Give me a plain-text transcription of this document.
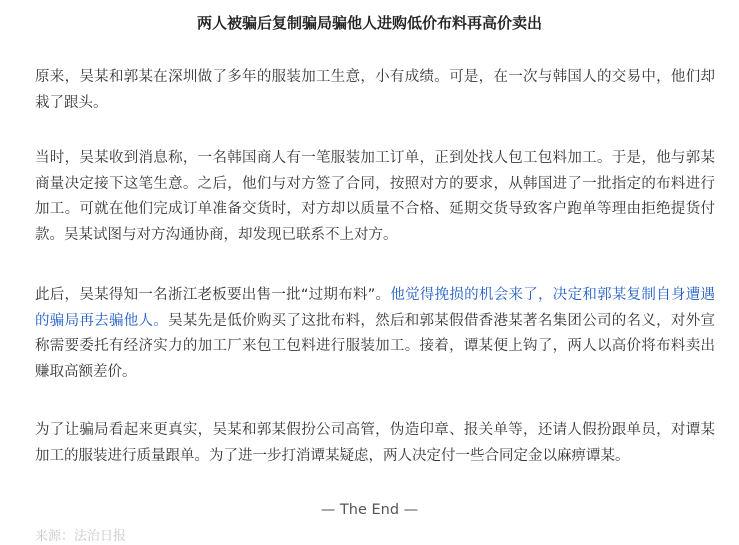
两人被骗后复制骗局骗他人进购低价布料再高价卖出

原来，吴某和郭某在深圳做了多年的服装加工生意，小有成绩。可是，在一次与韩国人的交易中，他们却栽了跟头。

当时，吴某收到消息称，一名韩国商人有一笔服装加工订单，正到处找人包工包料加工。于是，他与郭某商量决定接下这笔生意。之后，他们与对方签了合同，按照对方的要求，从韩国进了一批指定的布料进行加工。可就在他们完成订单准备交货时，对方却以质量不合格、延期交货导致客户跑单等理由拒绝提货付款。吴某试图与对方沟通协商，却发现已联系不上对方。

此后，吴某得知一名浙江老板要出售一批“过期布料”。他觉得挽损的机会来了，决定和郭某复制自身遭遇的骗局再去骗他人。吴某先是低价购买了这批布料，然后和郭某假借香港某著名集团公司的名义，对外宣称需要委托有经济实力的加工厂来包工包料进行服装加工。接着，谭某便上钩了，两人以高价将布料卖出赚取高额差价。

为了让骗局看起来更真实，吴某和郭某假扮公司高管，伪造印章、报关单等，还请人假扮跟单员，对谭某加工的服装进行质量跟单。为了进一步打消谭某疑虑，两人决定付一些合同定金以麻痹谭某。

— The End —

来源：法治日报
